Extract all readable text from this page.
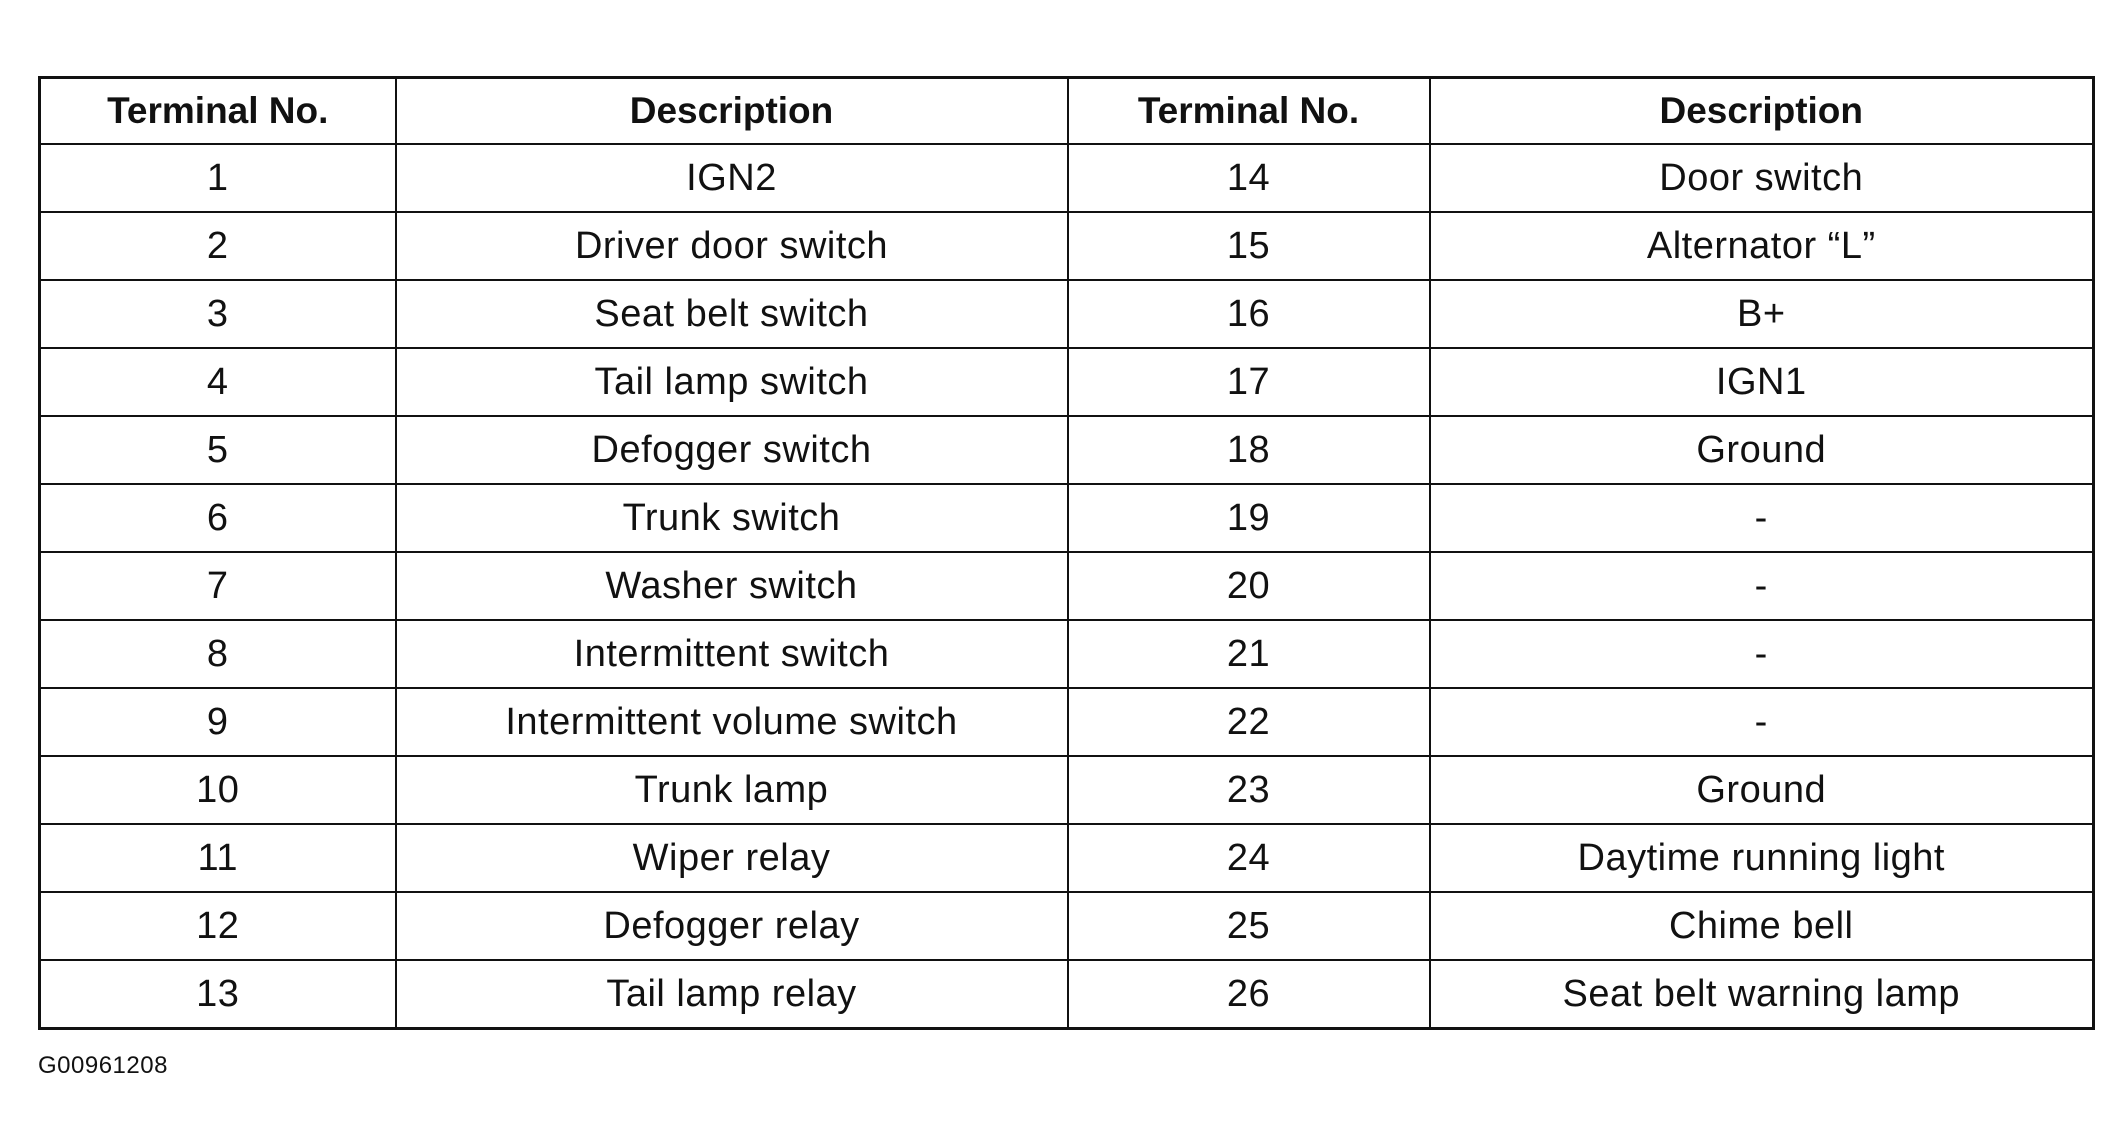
Terminal No.	Description	Terminal No.	Description
1	IGN2	14	Door switch
2	Driver door switch	15	Alternator “L”
3	Seat belt switch	16	B+
4	Tail lamp switch	17	IGN1
5	Defogger switch	18	Ground
6	Trunk switch	19	-
7	Washer switch	20	-
8	Intermittent switch	21	-
9	Intermittent volume switch	22	-
10	Trunk lamp	23	Ground
11	Wiper relay	24	Daytime running light
12	Defogger relay	25	Chime bell
13	Tail lamp relay	26	Seat belt warning lamp
G00961208
